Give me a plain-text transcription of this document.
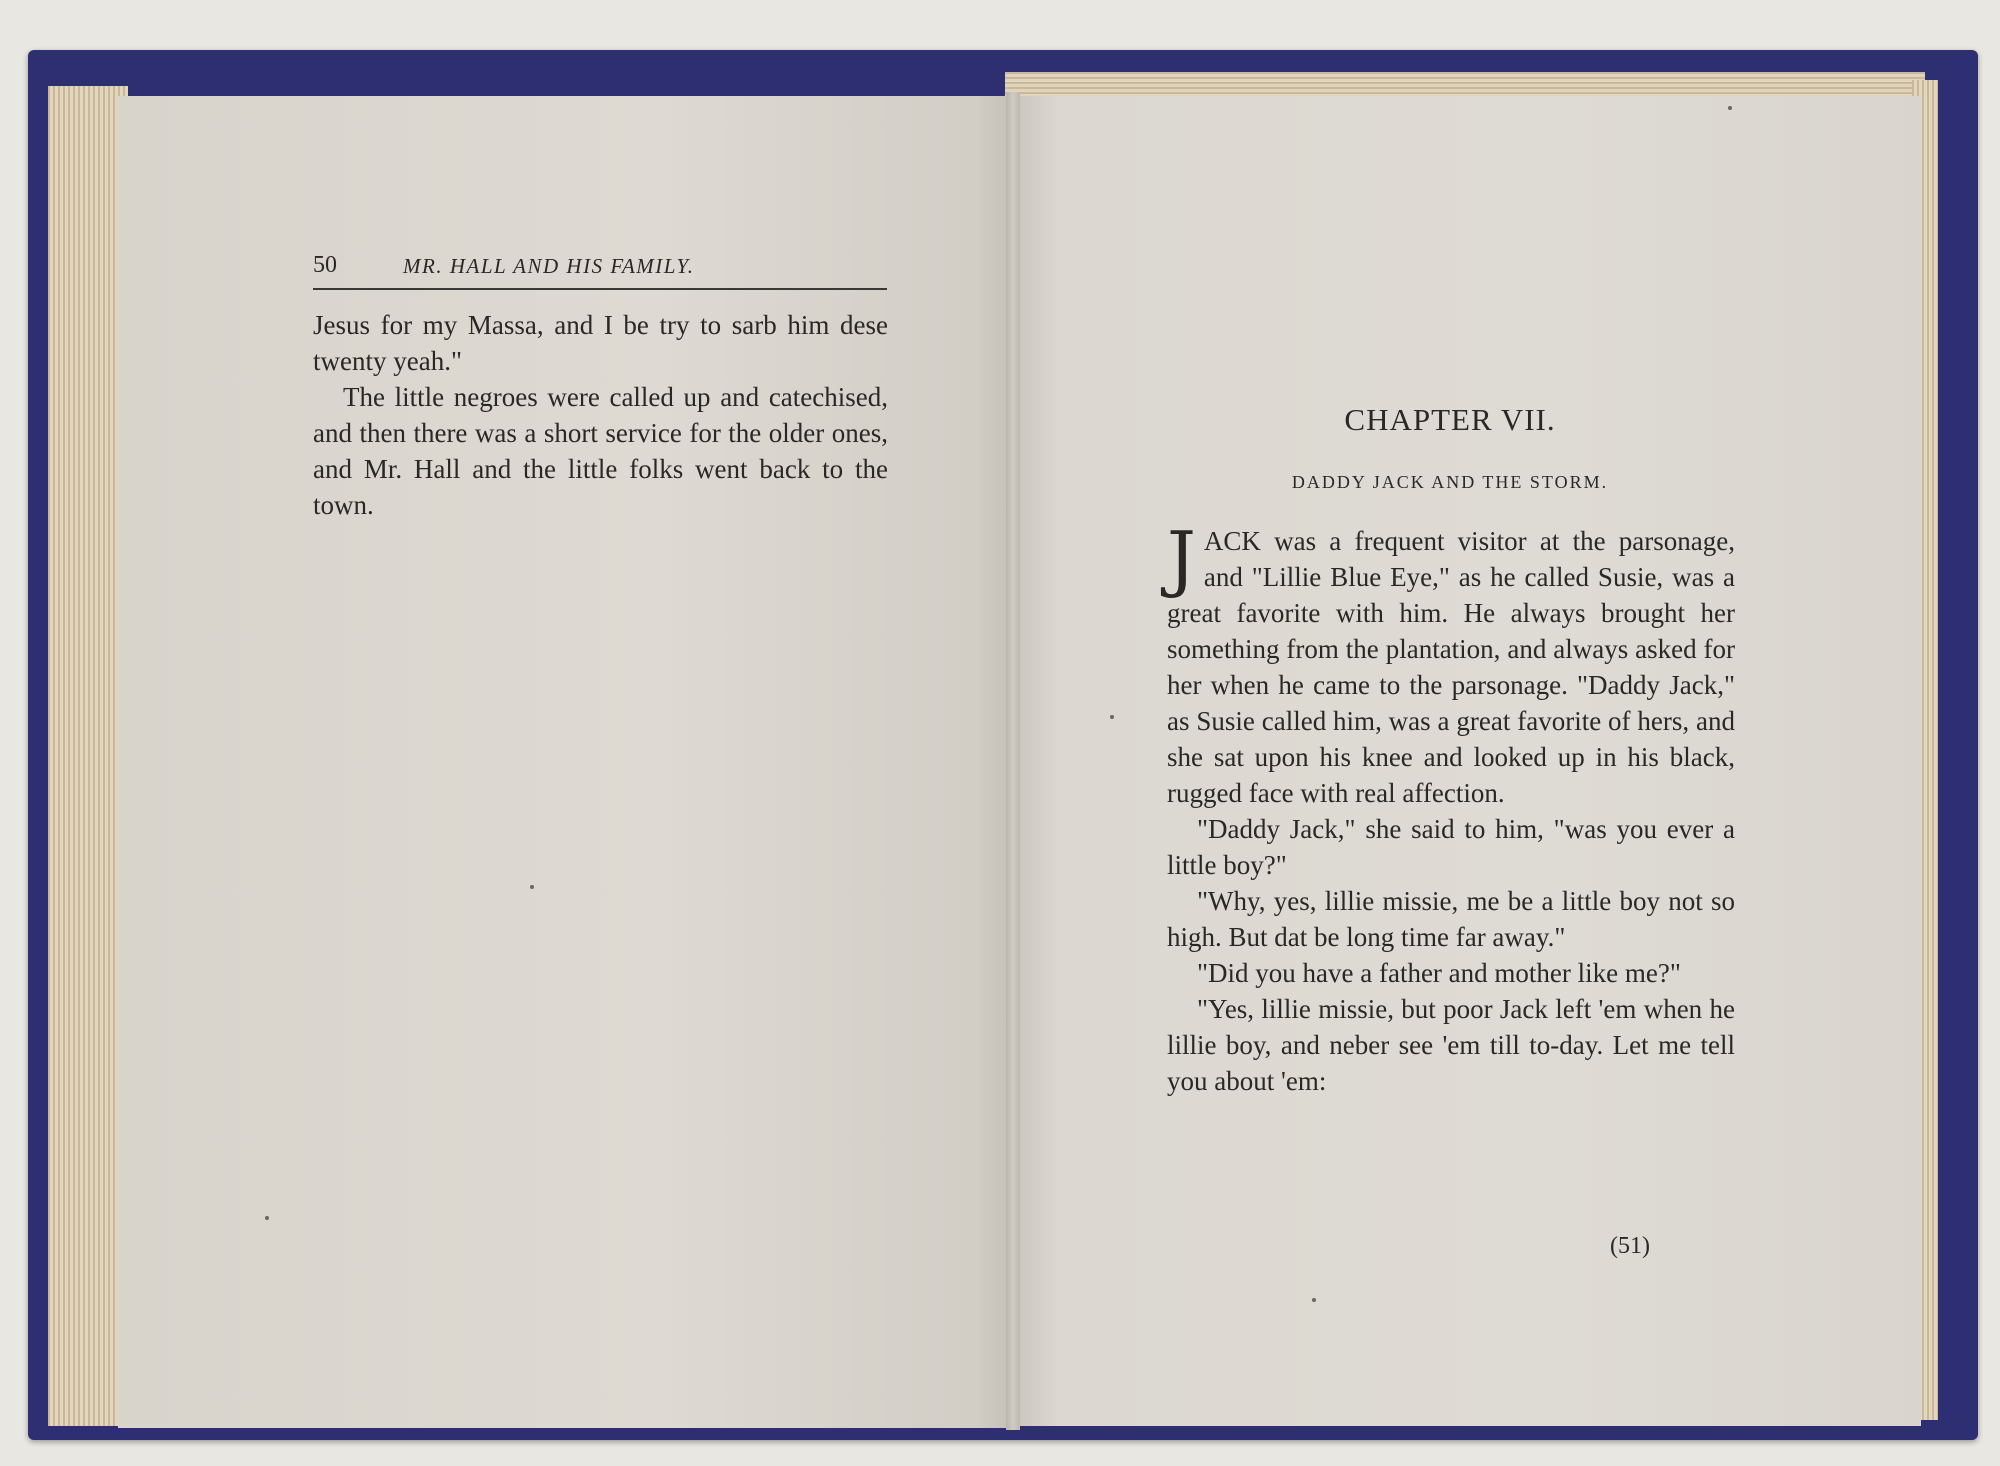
50	MR. HALL AND HIS FAMILY.

Jesus for my Massa, and I be try to sarb him dese twenty yeah."

The little negroes were called up and catechised, and then there was a short service for the older ones, and Mr. Hall and the little folks went back to the town.

CHAPTER VII.
DADDY JACK AND THE STORM.

JACK was a frequent visitor at the parsonage, and "Lillie Blue Eye," as he called Susie, was a great favorite with him. He always brought her something from the plantation, and always asked for her when he came to the parsonage. "Daddy Jack," as Susie called him, was a great favorite of hers, and she sat upon his knee and looked up in his black, rugged face with real affection.

"Daddy Jack," she said to him, "was you ever a little boy?"

"Why, yes, lillie missie, me be a little boy not so high. But dat be long time far away."

"Did you have a father and mother like me?"

"Yes, lillie missie, but poor Jack left 'em when he lillie boy, and neber see 'em till to-day. Let me tell you about 'em:

(51)
